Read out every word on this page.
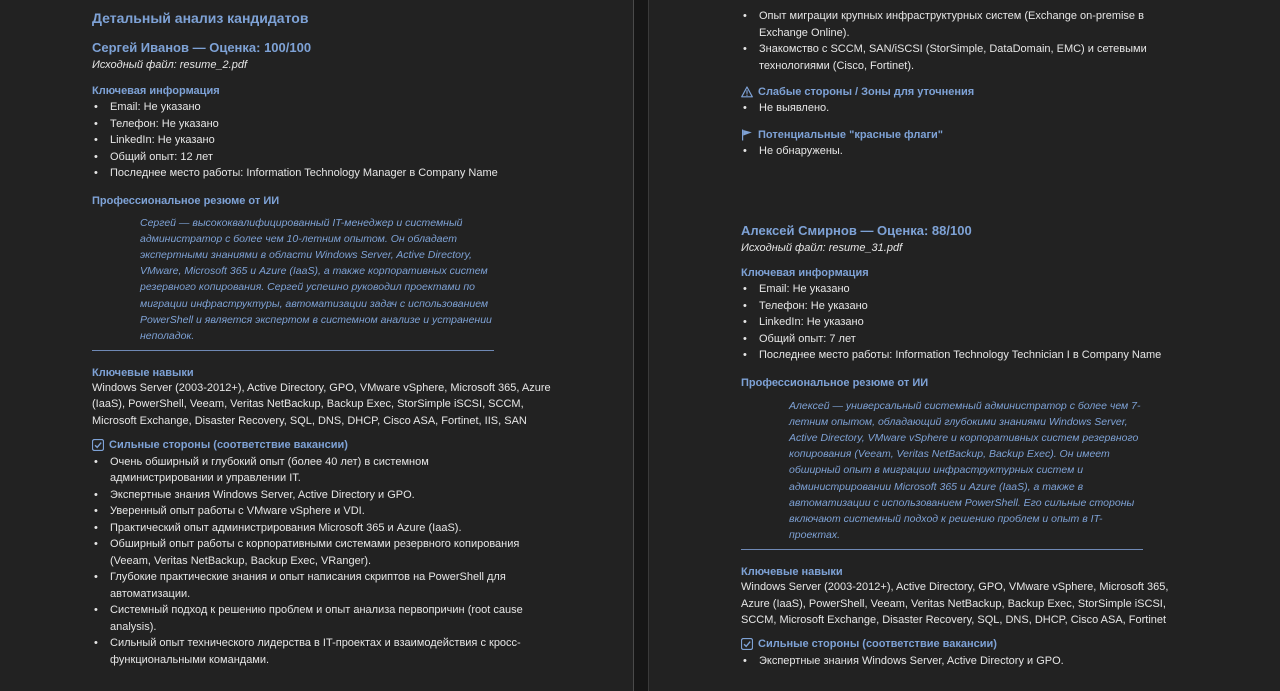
Детальный анализ кандидатов
Сергей Иванов — Оценка: 100/100
Исходный файл: resume_2.pdf
Ключевая информация
• Email: Не указано
• Телефон: Не указано
• LinkedIn: Не указано
• Общий опыт: 12 лет
• Последнее место работы: Information Technology Manager в Company Name
Профессиональное резюме от ИИ
Сергей — высококвалифицированный IT-менеджер и системный администратор с более чем 10-летним опытом. Он обладает экспертными знаниями в области Windows Server, Active Directory, VMware, Microsoft 365 и Azure (IaaS), а также корпоративных систем резервного копирования. Сергей успешно руководил проектами по миграции инфраструктуры, автоматизации задач с использованием PowerShell и является экспертом в системном анализе и устранении неполадок.
Ключевые навыки
Windows Server (2003-2012+), Active Directory, GPO, VMware vSphere, Microsoft 365, Azure (IaaS), PowerShell, Veeam, Veritas NetBackup, Backup Exec, StorSimple iSCSI, SCCM, Microsoft Exchange, Disaster Recovery, SQL, DNS, DHCP, Cisco ASA, Fortinet, IIS, SAN
Сильные стороны (соответствие вакансии)
• Очень обширный и глубокий опыт (более 40 лет) в системном администрировании и управлении IT.
• Экспертные знания Windows Server, Active Directory и GPO.
• Уверенный опыт работы с VMware vSphere и VDI.
• Практический опыт администрирования Microsoft 365 и Azure (IaaS).
• Обширный опыт работы с корпоративными системами резервного копирования (Veeam, Veritas NetBackup, Backup Exec, VRanger).
• Глубокие практические знания и опыт написания скриптов на PowerShell для автоматизации.
• Системный подход к решению проблем и опыт анализа первопричин (root cause analysis).
• Сильный опыт технического лидерства в IT-проектах и взаимодействия с кросс-функциональными командами.
• Опыт миграции крупных инфраструктурных систем (Exchange on-premise в Exchange Online).
• Знакомство с SCCM, SAN/iSCSI (StorSimple, DataDomain, EMC) и сетевыми технологиями (Cisco, Fortinet).
Слабые стороны / Зоны для уточнения
• Не выявлено.
Потенциальные "красные флаги"
• Не обнаружены.
Алексей Смирнов — Оценка: 88/100
Исходный файл: resume_31.pdf
Ключевая информация
• Email: Не указано
• Телефон: Не указано
• LinkedIn: Не указано
• Общий опыт: 7 лет
• Последнее место работы: Information Technology Technician I в Company Name
Профессиональное резюме от ИИ
Алексей — универсальный системный администратор с более чем 7-летним опытом, обладающий глубокими знаниями Windows Server, Active Directory, VMware vSphere и корпоративных систем резервного копирования (Veeam, Veritas NetBackup, Backup Exec). Он имеет обширный опыт в миграции инфраструктурных систем и администрировании Microsoft 365 и Azure (IaaS), а также в автоматизации с использованием PowerShell. Его сильные стороны включают системный подход к решению проблем и опыт в IT-проектах.
Ключевые навыки
Windows Server (2003-2012+), Active Directory, GPO, VMware vSphere, Microsoft 365, Azure (IaaS), PowerShell, Veeam, Veritas NetBackup, Backup Exec, StorSimple iSCSI, SCCM, Microsoft Exchange, Disaster Recovery, SQL, DNS, DHCP, Cisco ASA, Fortinet
Сильные стороны (соответствие вакансии)
• Экспертные знания Windows Server, Active Directory и GPO.
